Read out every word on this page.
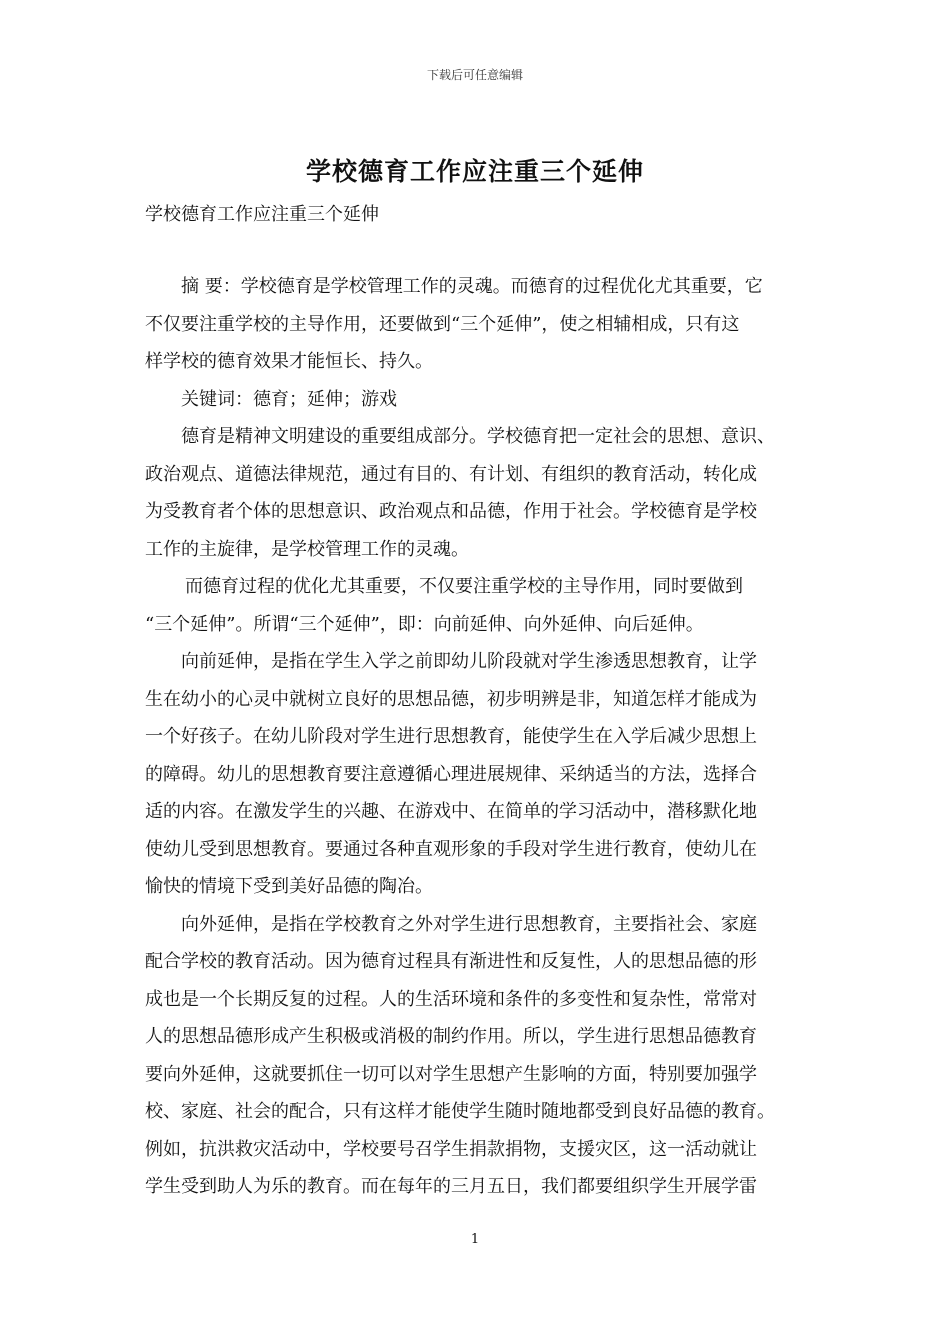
下载后可任意编辑
学校德育工作应注重三个延伸
学校德育工作应注重三个延伸
摘 要：学校德育是学校管理工作的灵魂。而德育的过程优化尤其重要，它
不仅要注重学校的主导作用，还要做到“三个延伸”，使之相辅相成，只有这
样学校的德育效果才能恒长、持久。
关键词：德育；延伸；游戏
德育是精神文明建设的重要组成部分。学校德育把一定社会的思想、意识、
政治观点、道德法律规范，通过有目的、有计划、有组织的教育活动，转化成
为受教育者个体的思想意识、政治观点和品德，作用于社会。学校德育是学校
工作的主旋律，是学校管理工作的灵魂。
而德育过程的优化尤其重要，不仅要注重学校的主导作用，同时要做到
“三个延伸”。所谓“三个延伸”，即：向前延伸、向外延伸、向后延伸。
向前延伸，是指在学生入学之前即幼儿阶段就对学生渗透思想教育，让学
生在幼小的心灵中就树立良好的思想品德，初步明辨是非，知道怎样才能成为
一个好孩子。在幼儿阶段对学生进行思想教育，能使学生在入学后减少思想上
的障碍。幼儿的思想教育要注意遵循心理进展规律、采纳适当的方法，选择合
适的内容。在激发学生的兴趣、在游戏中、在简单的学习活动中，潜移默化地
使幼儿受到思想教育。要通过各种直观形象的手段对学生进行教育，使幼儿在
愉快的情境下受到美好品德的陶冶。
向外延伸，是指在学校教育之外对学生进行思想教育，主要指社会、家庭
配合学校的教育活动。因为德育过程具有渐进性和反复性，人的思想品德的形
成也是一个长期反复的过程。人的生活环境和条件的多变性和复杂性，常常对
人的思想品德形成产生积极或消极的制约作用。所以，学生进行思想品德教育
要向外延伸，这就要抓住一切可以对学生思想产生影响的方面，特别要加强学
校、家庭、社会的配合，只有这样才能使学生随时随地都受到良好品德的教育。
例如，抗洪救灾活动中，学校要号召学生捐款捐物，支援灾区，这一活动就让
学生受到助人为乐的教育。而在每年的三月五日，我们都要组织学生开展学雷
1
